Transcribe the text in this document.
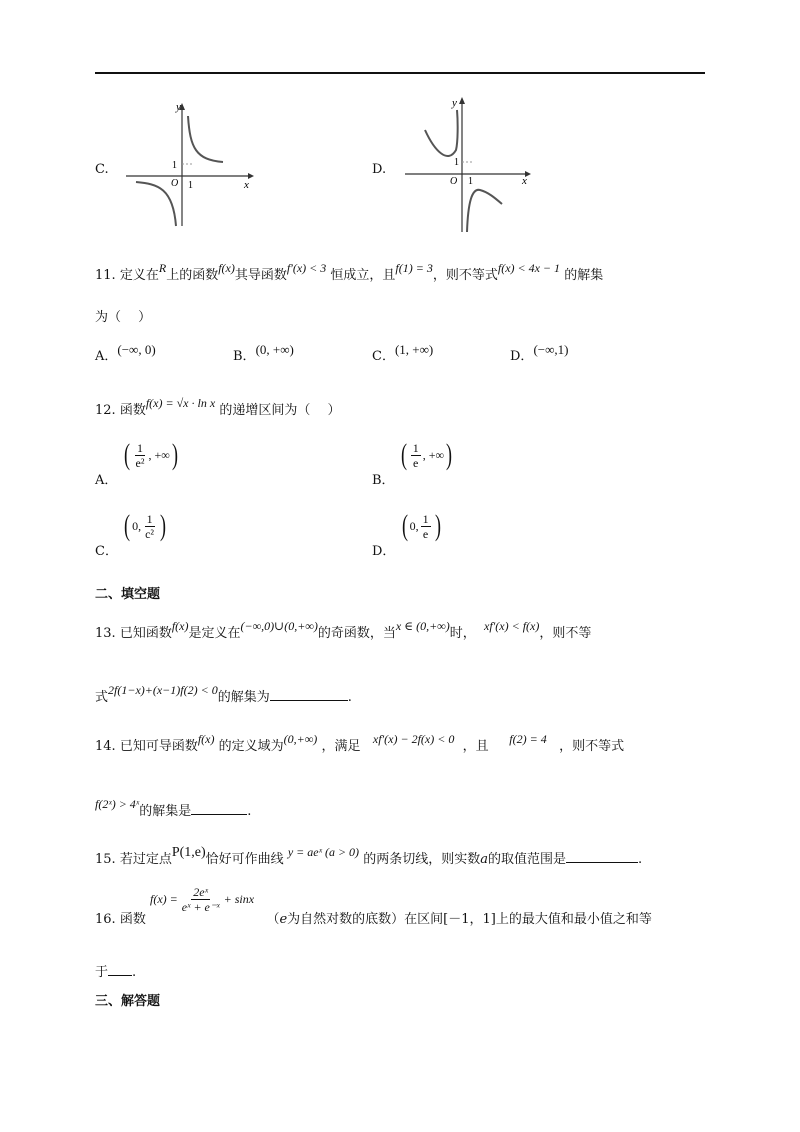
C.
y
x
O
1
1
D.
y
x
O
1
1
11. 定义在R上的函数f(x)其导函数f′(x) < 3 恒成立，且f(1) = 3，则不等式f(x) < 4x − 1 的解集
为（　 ）
A．(−∞, 0)	B．(0, +∞)	C．(1, +∞)	D．(−∞,1)
12. 函数f(x) = √x · ln x 的递增区间为（　 ）
A．
( 1
e²
, +∞ )
B．
( 1
e
, +∞ )
C．
( 0, 1
c² )
D．
( 0, 1
e )
二、填空题
13. 已知函数f(x)是定义在(−∞,0)∪(0,+∞)的奇函数，当x ∈ (0,+∞)时， xf′(x) < f(x)，则不等
式2f(1−x)+(x−1)f(2) < 0的解集为	.
14. 已知可导函数f(x) 的定义域为(0,+∞) ，满足 xf′(x) − 2f(x) < 0 ，且 f(2) = 4 ，则不等式
f(2ˣ) > 4ˣ的解集是	.
15. 若过定点P(1,e)恰好可作曲线 y = aeˣ (a > 0) 的两条切线，则实数a的取值范围是	.
16. 函数
$f(x) = \frac{\text{2eˣ}}{\text{eˣ + e⁻ˣ}} + \sin x$
（e为自然对数的底数）在区间[－1，1]上的最大值和最小值之和等
于 .
三、解答题
